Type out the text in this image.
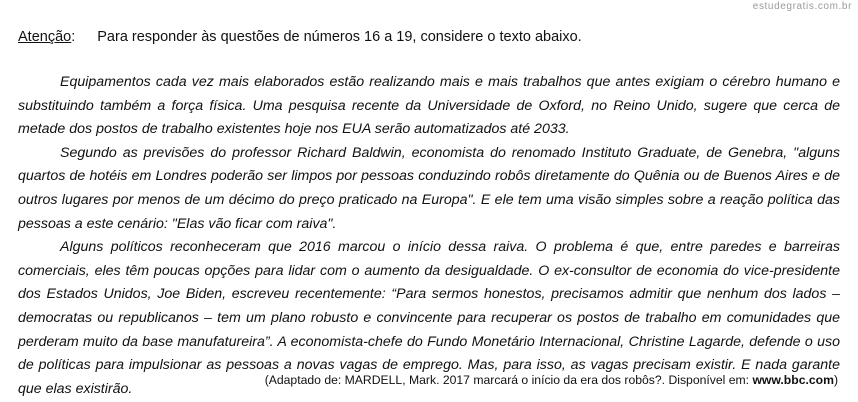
estudegratis.com.br
Atenção: Para responder às questões de números 16 a 19, considere o texto abaixo.

Equipamentos cada vez mais elaborados estão realizando mais e mais trabalhos que antes exigiam o cérebro humano e substituindo também a força física. Uma pesquisa recente da Universidade de Oxford, no Reino Unido, sugere que cerca de metade dos postos de trabalho existentes hoje nos EUA serão automatizados até 2033.

Segundo as previsões do professor Richard Baldwin, economista do renomado Instituto Graduate, de Genebra, "alguns quartos de hotéis em Londres poderão ser limpos por pessoas conduzindo robôs diretamente do Quênia ou de Buenos Aires e de outros lugares por menos de um décimo do preço praticado na Europa". E ele tem uma visão simples sobre a reação política das pessoas a este cenário: "Elas vão ficar com raiva".

Alguns políticos reconheceram que 2016 marcou o início dessa raiva. O problema é que, entre paredes e barreiras comerciais, eles têm poucas opções para lidar com o aumento da desigualdade. O ex-consultor de economia do vice-presidente dos Estados Unidos, Joe Biden, escreveu recentemente: “Para sermos honestos, precisamos admitir que nenhum dos lados – democratas ou republicanos – tem um plano robusto e convincente para recuperar os postos de trabalho em comunidades que perderam muito da base manufatureira”. A economista-chefe do Fundo Monetário Internacional, Christine Lagarde, defende o uso de políticas para impulsionar as pessoas a novas vagas de emprego. Mas, para isso, as vagas precisam existir. E nada garante que elas existirão.

(Adaptado de: MARDELL, Mark. 2017 marcará o início da era dos robôs?. Disponível em: www.bbc.com)
